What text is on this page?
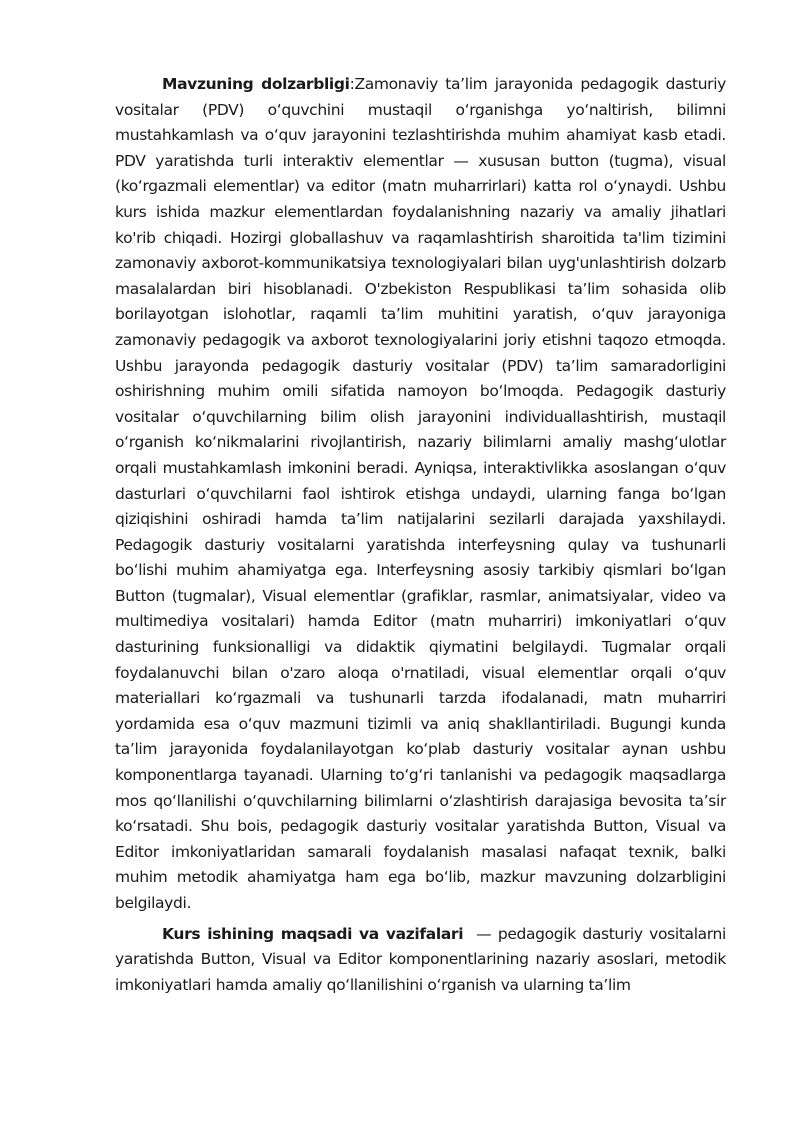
Mavzuning dolzarbligi:Zamonaviy ta’lim jarayonida pedagogik dasturiy vositalar (PDV) oʻquvchini mustaqil oʻrganishga yoʻnaltirish, bilimni mustahkamlash va oʻquv jarayonini tezlashtirishda muhim ahamiyat kasb etadi. PDV yaratishda turli interaktiv elementlar — xususan button (tugma), visual (koʻrgazmali elementlar) va editor (matn muharrirlari) katta rol oʻynaydi. Ushbu kurs ishida mazkur elementlardan foydalanishning nazariy va amaliy jihatlari ko'rib chiqadi. Hozirgi globallashuv va raqamlashtirish sharoitida ta'lim tizimini zamonaviy axborot-kommunikatsiya texnologiyalari bilan uyg'unlashtirish dolzarb masalalardan biri hisoblanadi. O'zbekiston Respublikasi ta’lim sohasida olib borilayotgan islohotlar, raqamli ta’lim muhitini yaratish, oʻquv jarayoniga zamonaviy pedagogik va axborot texnologiyalarini joriy etishni taqozo etmoqda. Ushbu jarayonda pedagogik dasturiy vositalar (PDV) ta’lim samaradorligini oshirishning muhim omili sifatida namoyon boʻlmoqda. Pedagogik dasturiy vositalar oʻquvchilarning bilim olish jarayonini individuallashtirish, mustaqil oʻrganish koʻnikmalarini rivojlantirish, nazariy bilimlarni amaliy mashgʻulotlar orqali mustahkamlash imkonini beradi. Ayniqsa, interaktivlikka asoslangan oʻquv dasturlari oʻquvchilarni faol ishtirok etishga undaydi, ularning fanga boʻlgan qiziqishini oshiradi hamda ta’lim natijalarini sezilarli darajada yaxshilaydi. Pedagogik dasturiy vositalarni yaratishda interfeysning qulay va tushunarli boʻlishi muhim ahamiyatga ega. Interfeysning asosiy tarkibiy qismlari boʻlgan Button (tugmalar), Visual elementlar (grafiklar, rasmlar, animatsiyalar, video va multimediya vositalari) hamda Editor (matn muharriri) imkoniyatlari oʻquv dasturining funksionalligi va didaktik qiymatini belgilaydi. Tugmalar orqali foydalanuvchi bilan o'zaro aloqa o'rnatiladi, visual elementlar orqali oʻquv materiallari koʻrgazmali va tushunarli tarzda ifodalanadi, matn muharriri yordamida esa oʻquv mazmuni tizimli va aniq shakllantiriladi. Bugungi kunda ta’lim jarayonida foydalanilayotgan koʻplab dasturiy vositalar aynan ushbu komponentlarga tayanadi. Ularning toʻgʻri tanlanishi va pedagogik maqsadlarga mos qoʻllanilishi oʻquvchilarning bilimlarni oʻzlashtirish darajasiga bevosita ta’sir koʻrsatadi. Shu bois, pedagogik dasturiy vositalar yaratishda Button, Visual va Editor imkoniyatlaridan samarali foydalanish masalasi nafaqat texnik, balki muhim metodik ahamiyatga ham ega boʻlib, mazkur mavzuning dolzarbligini belgilaydi.

Kurs ishining maqsadi va vazifalari  — pedagogik dasturiy vositalarni yaratishda Button, Visual va Editor komponentlarining nazariy asoslari, metodik imkoniyatlari hamda amaliy qoʻllanilishini oʻrganish va ularning ta’lim
